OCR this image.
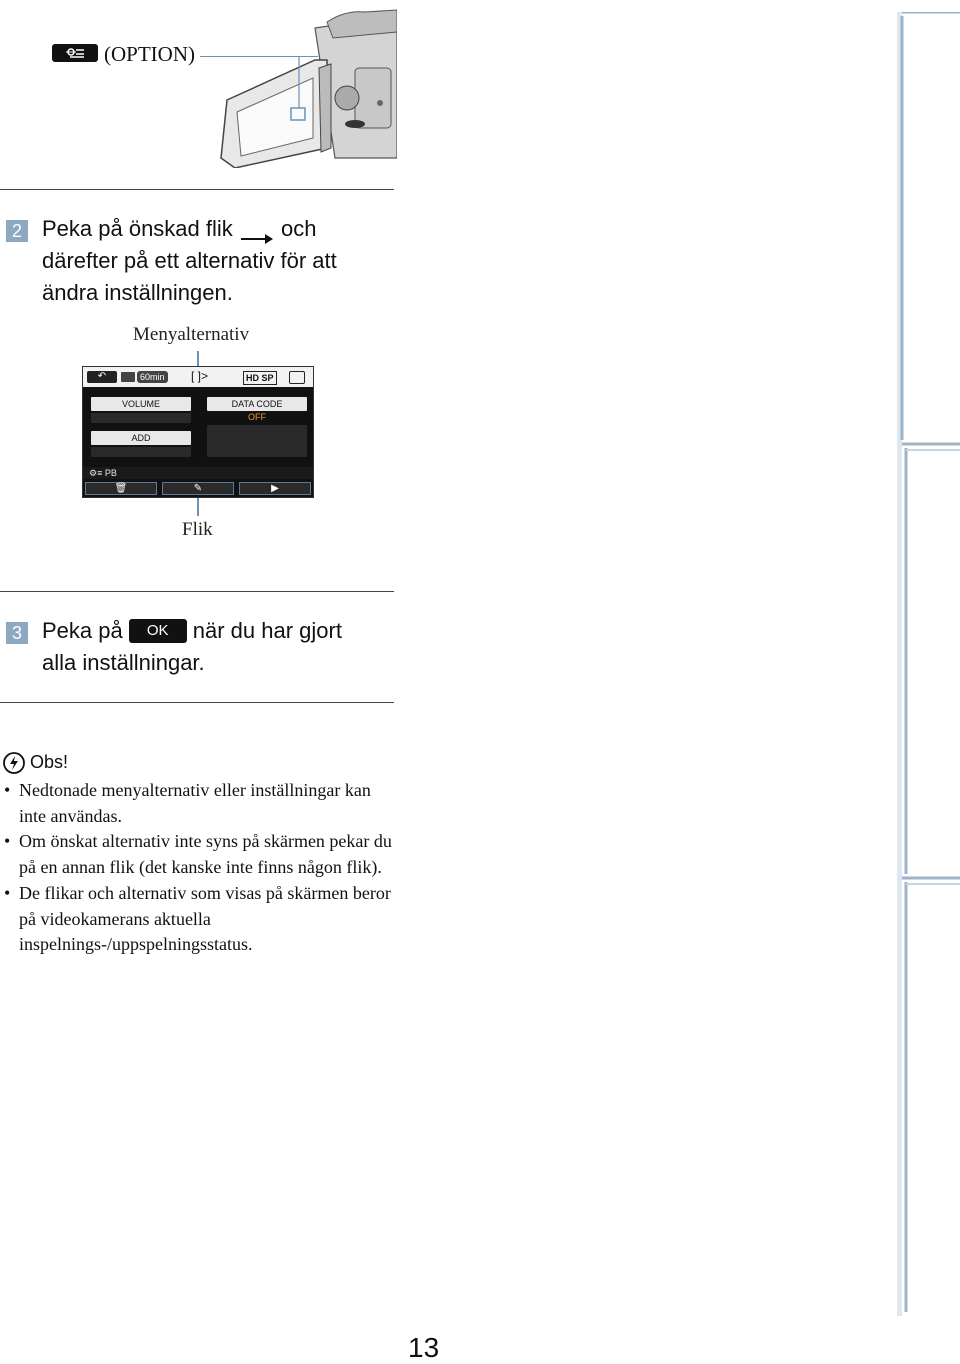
(OPTION)
2 Peka på önskad flik och
därefter på ett alternativ för att
ändra inställningen.
Menyalternativ
↶	60min [ ]>	HD SP
VOLUME	DATA CODE
OFF
ADD
⚙≡ PB
🗑	✎	▶
Flik
3 Peka på OK när du har gjort
alla inställningar.
Obs!
• Nedtonade menyalternativ eller inställningar kan inte användas.
• Om önskat alternativ inte syns på skärmen pekar du på en annan flik (det kanske inte finns någon flik).
• De flikar och alternativ som visas på skärmen beror på videokamerans aktuella inspelnings-/uppspelningsstatus.
13
